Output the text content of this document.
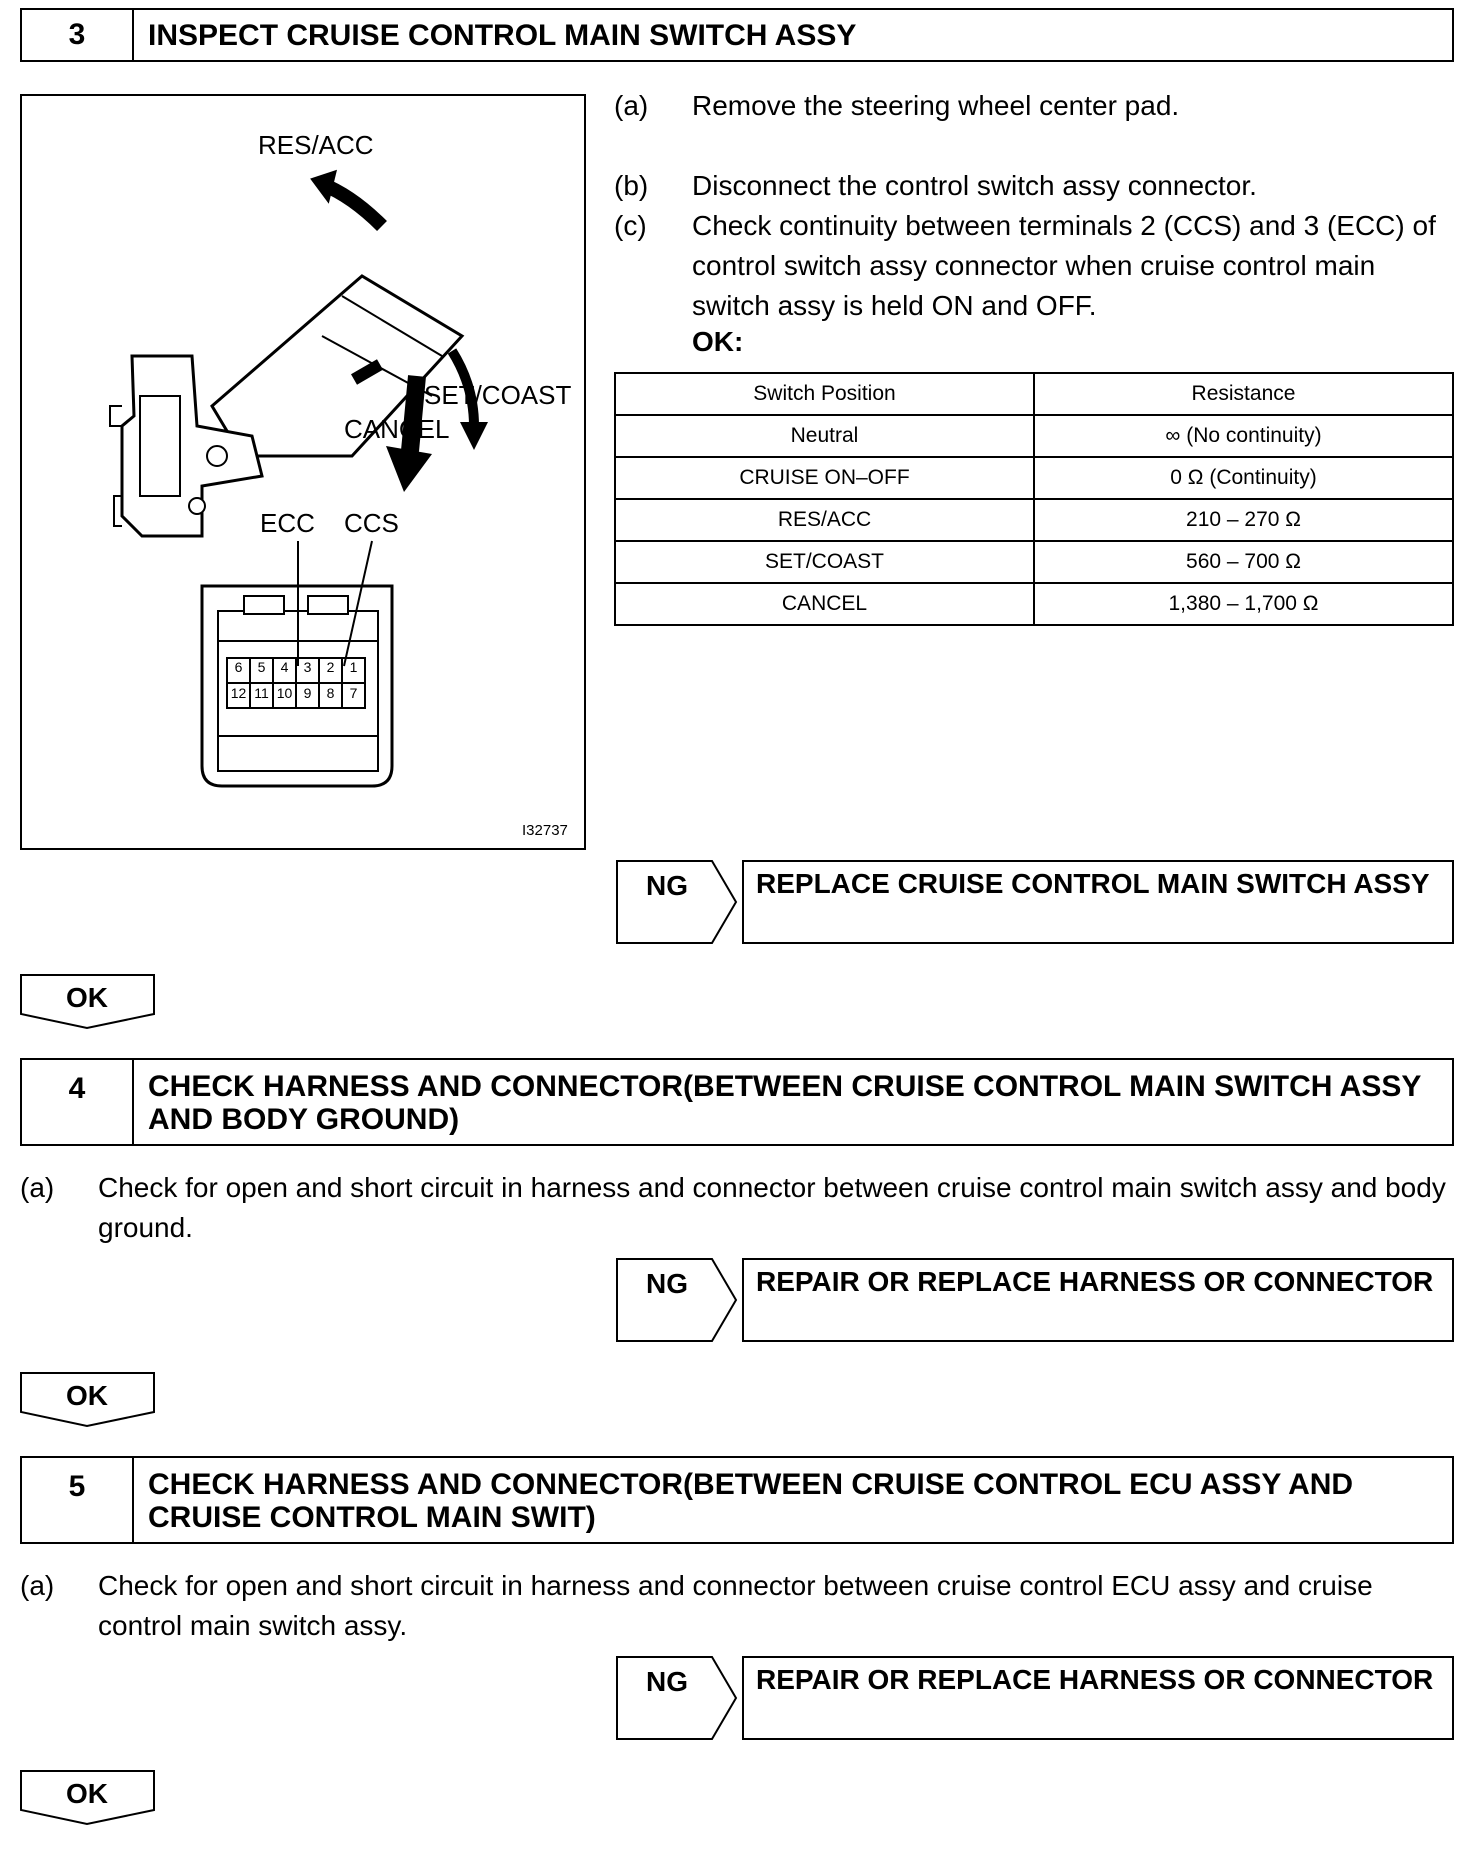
3	INSPECT CRUISE CONTROL MAIN SWITCH ASSY
RES/ACC
SET/COAST
CANCEL
ECC CCS
6	5	4	3	2	1
12 11 10 9	8	7
I32737
(a)	Remove the steering wheel center pad.
(b)	Disconnect the control switch assy connector.
(c)	Check continuity between terminals 2 (CCS) and 3 (ECC) of control switch assy connector when cruise control main switch assy is held ON and OFF.
OK:
Switch Position	Resistance
Neutral	∞ (No continuity)
CRUISE ON–OFF	0 Ω (Continuity)
RES/ACC	210 – 270 Ω
SET/COAST	560 – 700 Ω
CANCEL	1,380 – 1,700 Ω
NG	REPLACE CRUISE CONTROL MAIN SWITCH ASSY
OK
4	CHECK HARNESS AND CONNECTOR(BETWEEN CRUISE CONTROL MAIN SWITCH ASSY AND BODY GROUND)
(a)	Check for open and short circuit in harness and connector between cruise control main switch assy and body ground.
NG	REPAIR OR REPLACE HARNESS OR CONNECTOR
OK
5	CHECK HARNESS AND CONNECTOR(BETWEEN CRUISE CONTROL ECU ASSY AND CRUISE CONTROL MAIN SWIT)
(a)	Check for open and short circuit in harness and connector between cruise control ECU assy and cruise control main switch assy.
NG	REPAIR OR REPLACE HARNESS OR CONNECTOR
OK
